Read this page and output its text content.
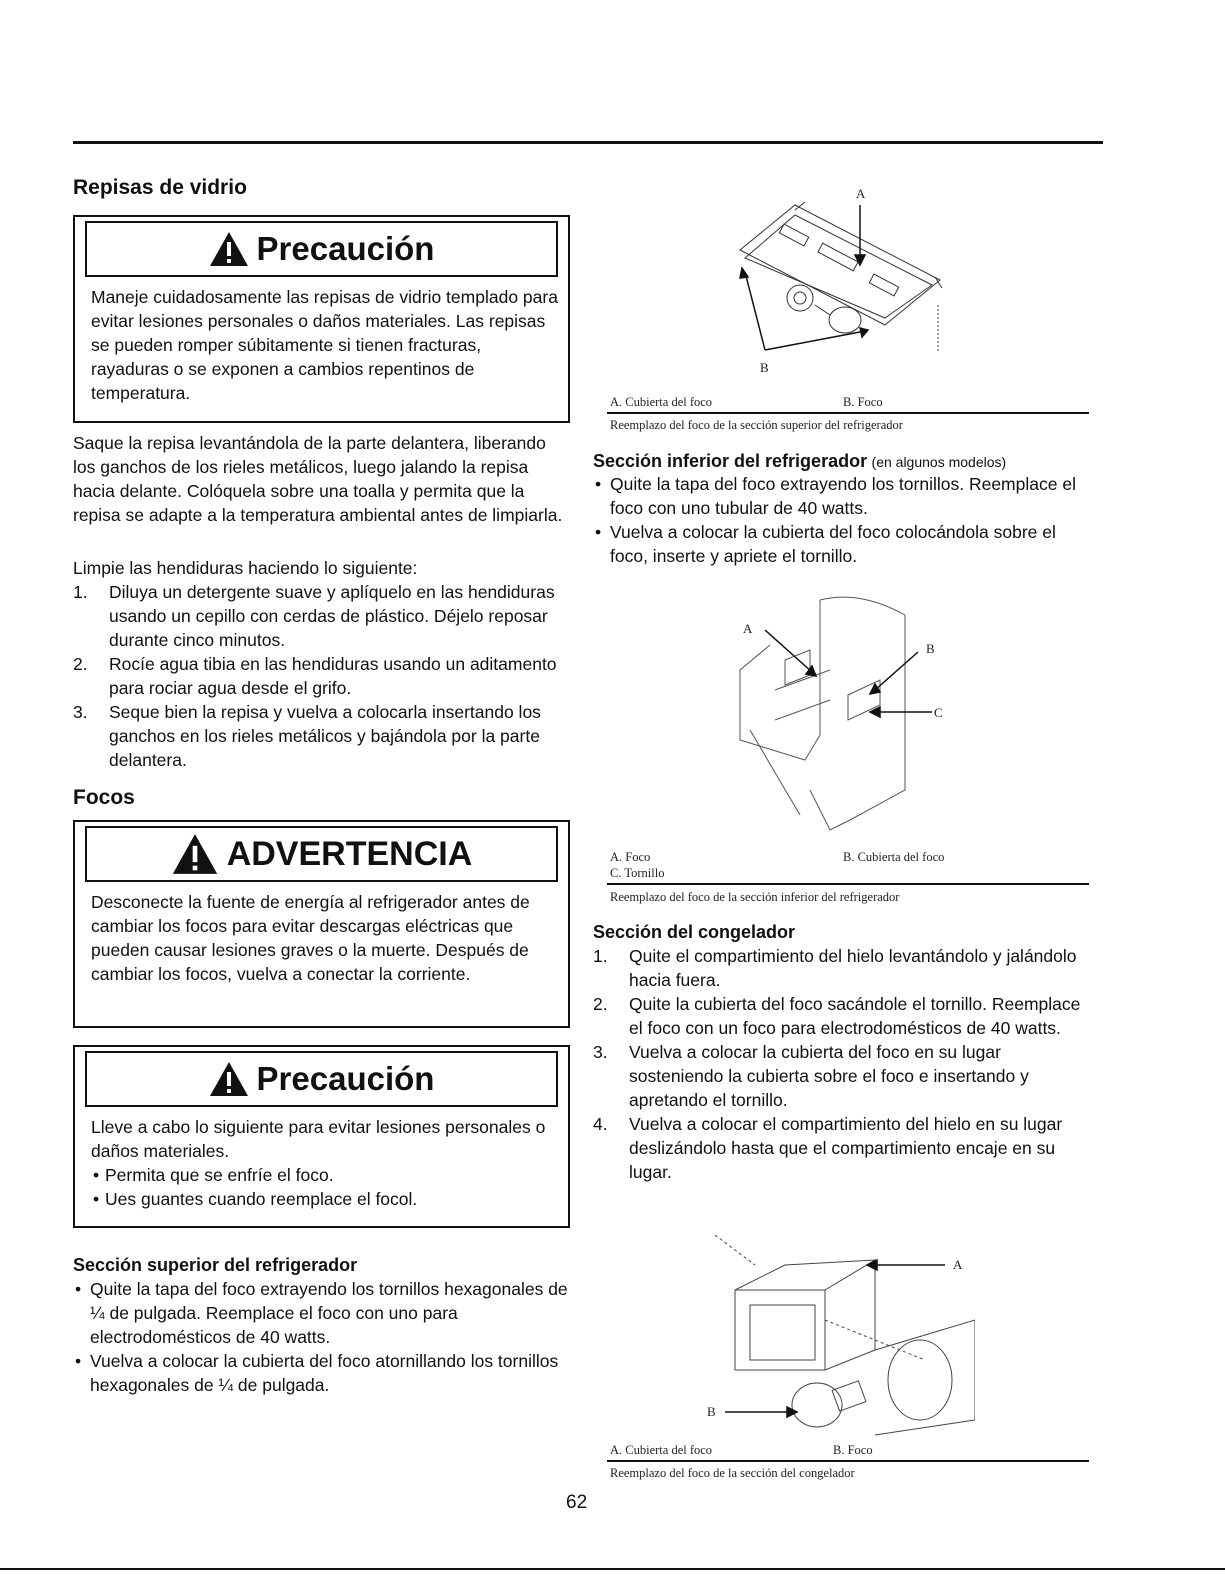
Repisas de vidrio
Precaución
Maneje cuidadosamente las repisas de vidrio templado para evitar lesiones personales o daños materiales. Las repisas se pueden romper súbitamente si tienen fracturas, rayaduras o se exponen a cambios repentinos de temperatura.

Saque la repisa levantándola de la parte delantera, liberando los ganchos de los rieles metálicos, luego jalando la repisa hacia delante. Colóquela sobre una toalla y permita que la repisa se adapte a la temperatura ambiental antes de limpiarla.

Limpie las hendiduras haciendo lo siguiente:

1. Diluya un detergente suave y aplíquelo en las hendiduras usando un cepillo con cerdas de plástico. Déjelo reposar durante cinco minutos.
2. Rocíe agua tibia en las hendiduras usando un aditamento para rociar agua desde el grifo.
3. Seque bien la repisa y vuelva a colocarla insertando los ganchos en los rieles metálicos y bajándola por la parte delantera.
Focos
ADVERTENCIA
Desconecte la fuente de energía al refrigerador antes de cambiar los focos para evitar descargas eléctricas que pueden causar lesiones graves o la muerte. Después de cambiar los focos, vuelva a conectar la corriente.
Precaución
Lleve a cabo lo siguiente para evitar lesiones personales o daños materiales.
• Permita que se enfríe el foco.
• Ues guantes cuando reemplace el focol.
Sección superior del refrigerador
• Quite la tapa del foco extrayendo los tornillos hexagonales de ¼ de pulgada. Reemplace el foco con uno para electrodomésticos de 40 watts.
• Vuelva a colocar la cubierta del foco atornillando los tornillos hexagonales de ¼ de pulgada.
A
B
A. Cubierta del foco	B. Foco
Reemplazo del foco de la sección superior del refrigerador
Sección inferior del refrigerador (en algunos modelos)
• Quite la tapa del foco extrayendo los tornillos. Reemplace el foco con uno tubular de 40 watts.
• Vuelva a colocar la cubierta del foco colocándola sobre el foco, inserte y apriete el tornillo.
A
B
C
A. Foco	B. Cubierta del foco
C. Tornillo
Reemplazo del foco de la sección inferior del refrigerador
Sección del congelador
1. Quite el compartimiento del hielo levantándolo y jalándolo hacia fuera.
2. Quite la cubierta del foco sacándole el tornillo. Reemplace el foco con un foco para electrodomésticos de 40 watts.
3. Vuelva a colocar la cubierta del foco en su lugar sosteniendo la cubierta sobre el foco e insertando y apretando el tornillo.
4. Vuelva a colocar el compartimiento del hielo en su lugar deslizándolo hasta que el compartimiento encaje en su lugar.
A
B
A. Cubierta del foco	B. Foco
Reemplazo del foco de la sección del congelador
62
